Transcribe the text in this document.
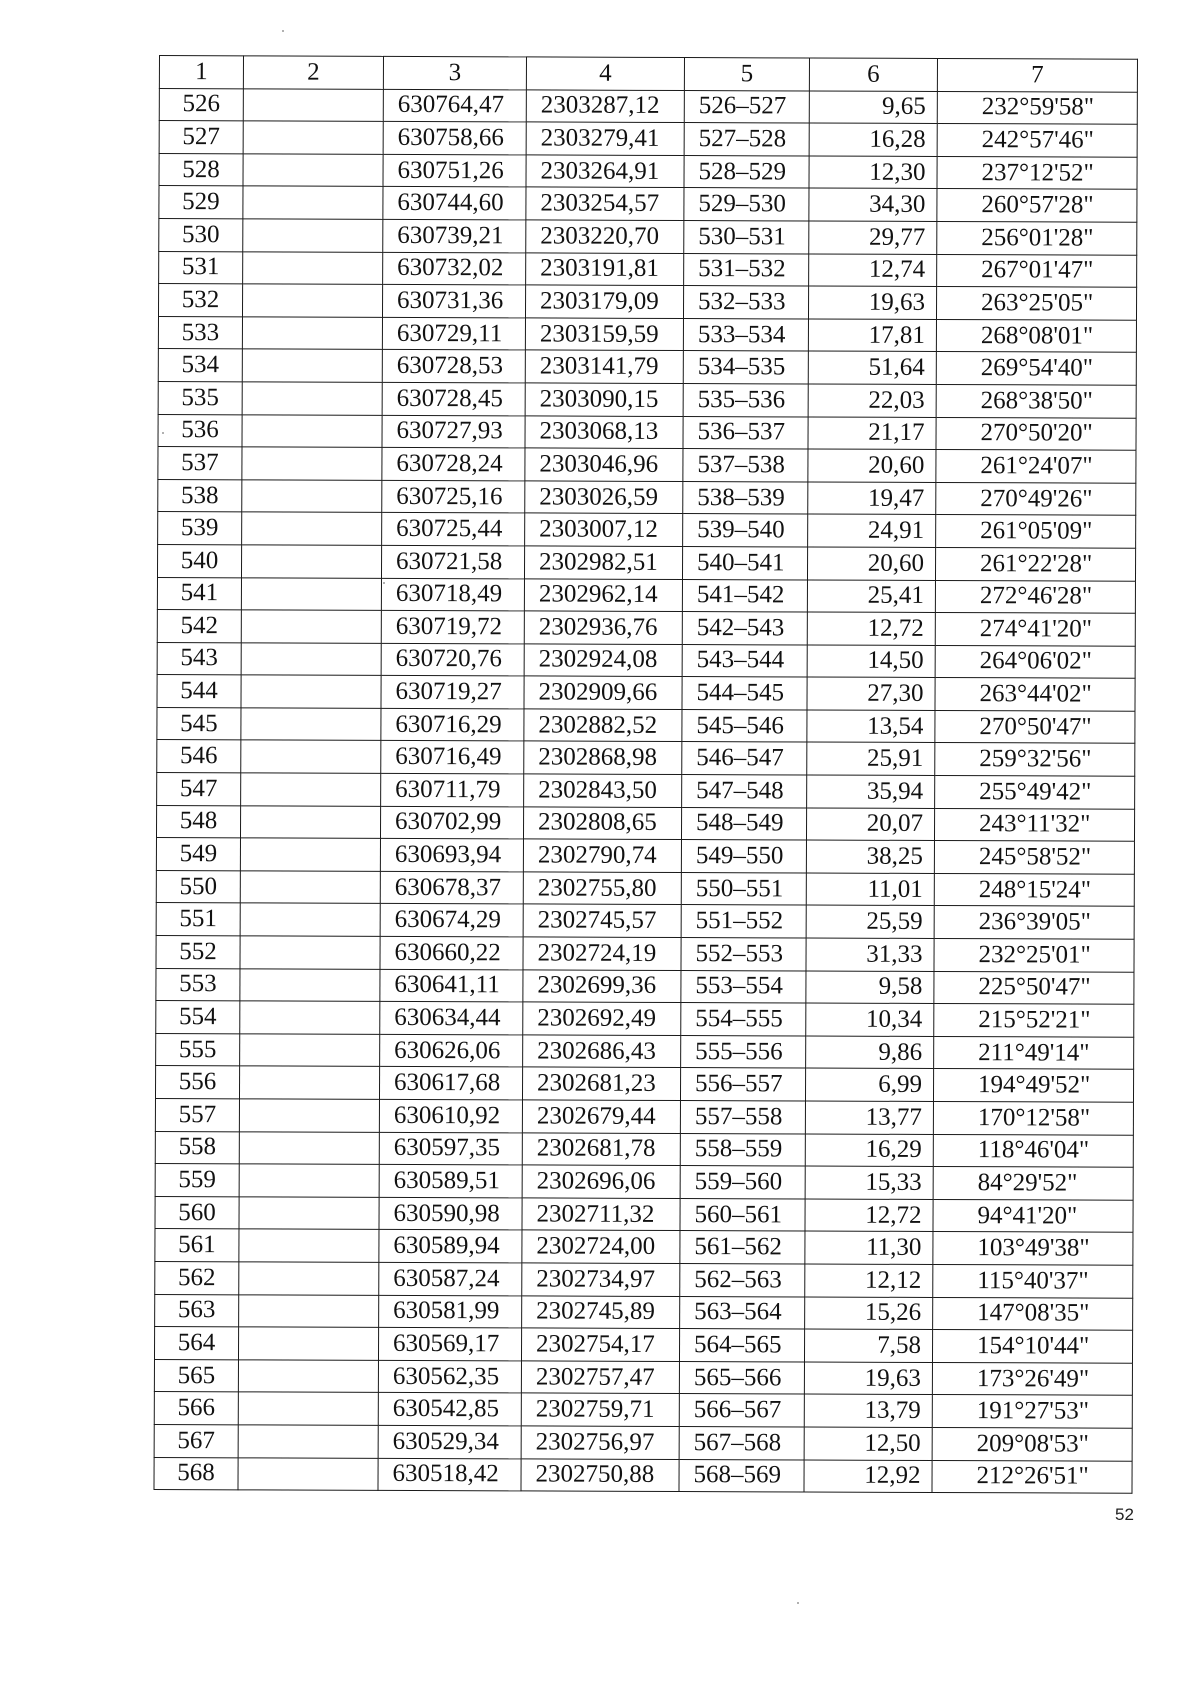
1	2	3	4	5	6	7
526		630764,47	2303287,12	526–527	9,65	232°59'58"
527		630758,66	2303279,41	527–528	16,28	242°57'46"
528		630751,26	2303264,91	528–529	12,30	237°12'52"
529		630744,60	2303254,57	529–530	34,30	260°57'28"
530		630739,21	2303220,70	530–531	29,77	256°01'28"
531		630732,02	2303191,81	531–532	12,74	267°01'47"
532		630731,36	2303179,09	532–533	19,63	263°25'05"
533		630729,11	2303159,59	533–534	17,81	268°08'01"
534		630728,53	2303141,79	534–535	51,64	269°54'40"
535		630728,45	2303090,15	535–536	22,03	268°38'50"
536		630727,93	2303068,13	536–537	21,17	270°50'20"
537		630728,24	2303046,96	537–538	20,60	261°24'07"
538		630725,16	2303026,59	538–539	19,47	270°49'26"
539		630725,44	2303007,12	539–540	24,91	261°05'09"
540		630721,58	2302982,51	540–541	20,60	261°22'28"
541		630718,49	2302962,14	541–542	25,41	272°46'28"
542		630719,72	2302936,76	542–543	12,72	274°41'20"
543		630720,76	2302924,08	543–544	14,50	264°06'02"
544		630719,27	2302909,66	544–545	27,30	263°44'02"
545		630716,29	2302882,52	545–546	13,54	270°50'47"
546		630716,49	2302868,98	546–547	25,91	259°32'56"
547		630711,79	2302843,50	547–548	35,94	255°49'42"
548		630702,99	2302808,65	548–549	20,07	243°11'32"
549		630693,94	2302790,74	549–550	38,25	245°58'52"
550		630678,37	2302755,80	550–551	11,01	248°15'24"
551		630674,29	2302745,57	551–552	25,59	236°39'05"
552		630660,22	2302724,19	552–553	31,33	232°25'01"
553		630641,11	2302699,36	553–554	9,58	225°50'47"
554		630634,44	2302692,49	554–555	10,34	215°52'21"
555		630626,06	2302686,43	555–556	9,86	211°49'14"
556		630617,68	2302681,23	556–557	6,99	194°49'52"
557		630610,92	2302679,44	557–558	13,77	170°12'58"
558		630597,35	2302681,78	558–559	16,29	118°46'04"
559		630589,51	2302696,06	559–560	15,33	84°29'52"
560		630590,98	2302711,32	560–561	12,72	94°41'20"
561		630589,94	2302724,00	561–562	11,30	103°49'38"
562		630587,24	2302734,97	562–563	12,12	115°40'37"
563		630581,99	2302745,89	563–564	15,26	147°08'35"
564		630569,17	2302754,17	564–565	7,58	154°10'44"
565		630562,35	2302757,47	565–566	19,63	173°26'49"
566		630542,85	2302759,71	566–567	13,79	191°27'53"
567		630529,34	2302756,97	567–568	12,50	209°08'53"
568		630518,42	2302750,88	568–569	12,92	212°26'51"
52
